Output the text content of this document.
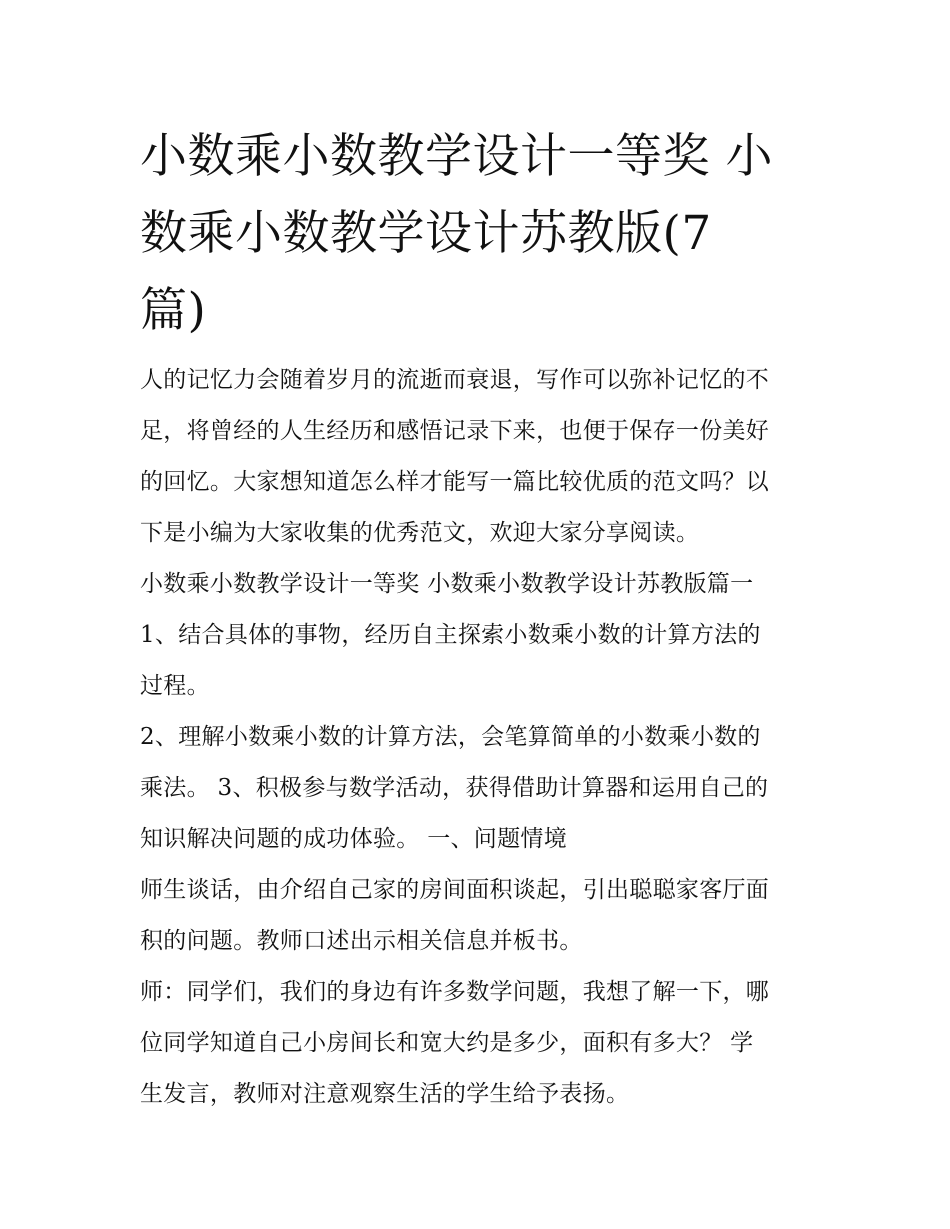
小数乘小数教学设计一等奖 小
数乘小数教学设计苏教版(7
篇)
人的记忆力会随着岁月的流逝而衰退，写作可以弥补记忆的不
足，将曾经的人生经历和感悟记录下来，也便于保存一份美好
的回忆。大家想知道怎么样才能写一篇比较优质的范文吗？以
下是小编为大家收集的优秀范文，欢迎大家分享阅读。
小数乘小数教学设计一等奖 小数乘小数教学设计苏教版篇一
1、结合具体的事物，经历自主探索小数乘小数的计算方法的
过程。
2、理解小数乘小数的计算方法，会笔算简单的小数乘小数的
乘法。 3、积极参与数学活动，获得借助计算器和运用自己的
知识解决问题的成功体验。 一、问题情境
师生谈话，由介绍自己家的房间面积谈起，引出聪聪家客厅面
积的问题。教师口述出示相关信息并板书。
师：同学们，我们的身边有许多数学问题，我想了解一下，哪
位同学知道自己小房间长和宽大约是多少，面积有多大？ 学
生发言，教师对注意观察生活的学生给予表扬。
